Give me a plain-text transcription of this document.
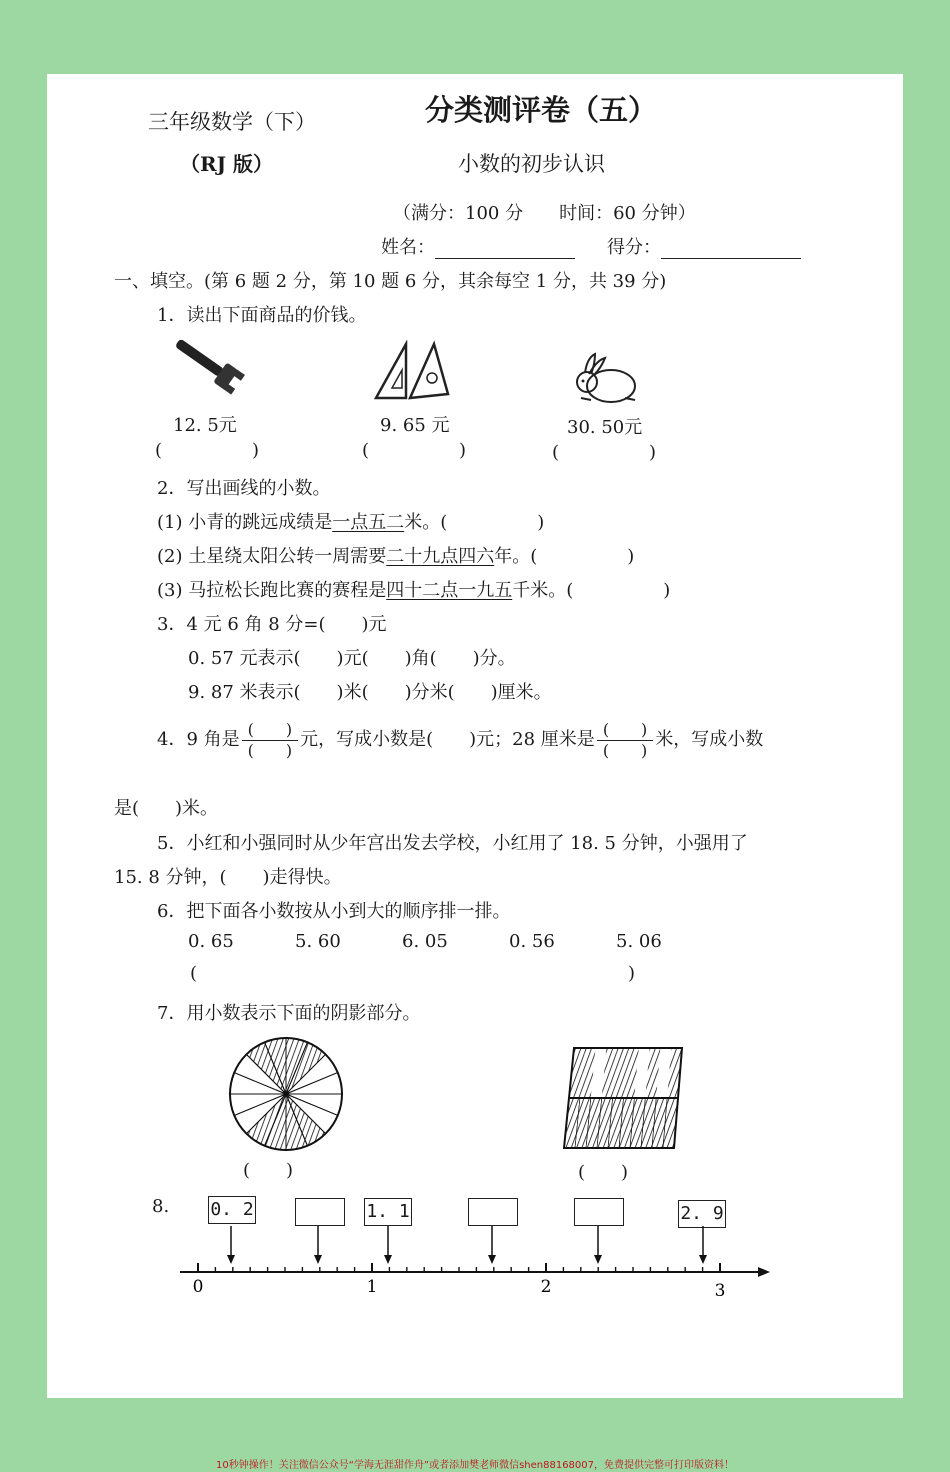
三年级数学（下）
（RJ 版）
分类测评卷（五）
小数的初步认识
（满分：100 分　　时间：60 分钟）
姓名：	得分：
一、填空。(第 6 题 2 分，第 10 题 6 分，其余每空 1 分，共 39 分)
1．读出下面商品的价钱。
12. 5元
(　　　　　)
9. 65 元
(　　　　　)
30. 50元
(　　　　　)
2．写出画线的小数。
(1) 小青的跳远成绩是一点五二米。(　　　　　)
(2) 土星绕太阳公转一周需要二十九点四六年。(　　　　　)
(3) 马拉松长跑比赛的赛程是四十二点一九五千米。(　　　　　)
3．4 元 6 角 8 分=(　　)元
0. 57 元表示(　　)元(　　)角(　　)分。
9. 87 米表示(　　)米(　　)分米(　　)厘米。
4．9 角是 $\frac{( )}{( )}$ 元，写成小数是(　　)元；28 厘米是 $\frac{( )}{( )}$ 米，写成小数
是(　　)米。
5．小红和小强同时从少年宫出发去学校，小红用了 18. 5 分钟，小强用了
15. 8 分钟，(　　)走得快。
6．把下面各小数按从小到大的顺序排一排。
0. 65	5. 60	6. 05	0. 56	5. 06
(	)
7．用小数表示下面的阴影部分。
(　　)	(　　)
8. 0. 2	1. 1	2. 9
0	1	2	3
10秒钟操作！关注微信公众号“学海无涯甜作舟”或者添加樊老师微信shen88168007，免费提供完整可打印版资料！
